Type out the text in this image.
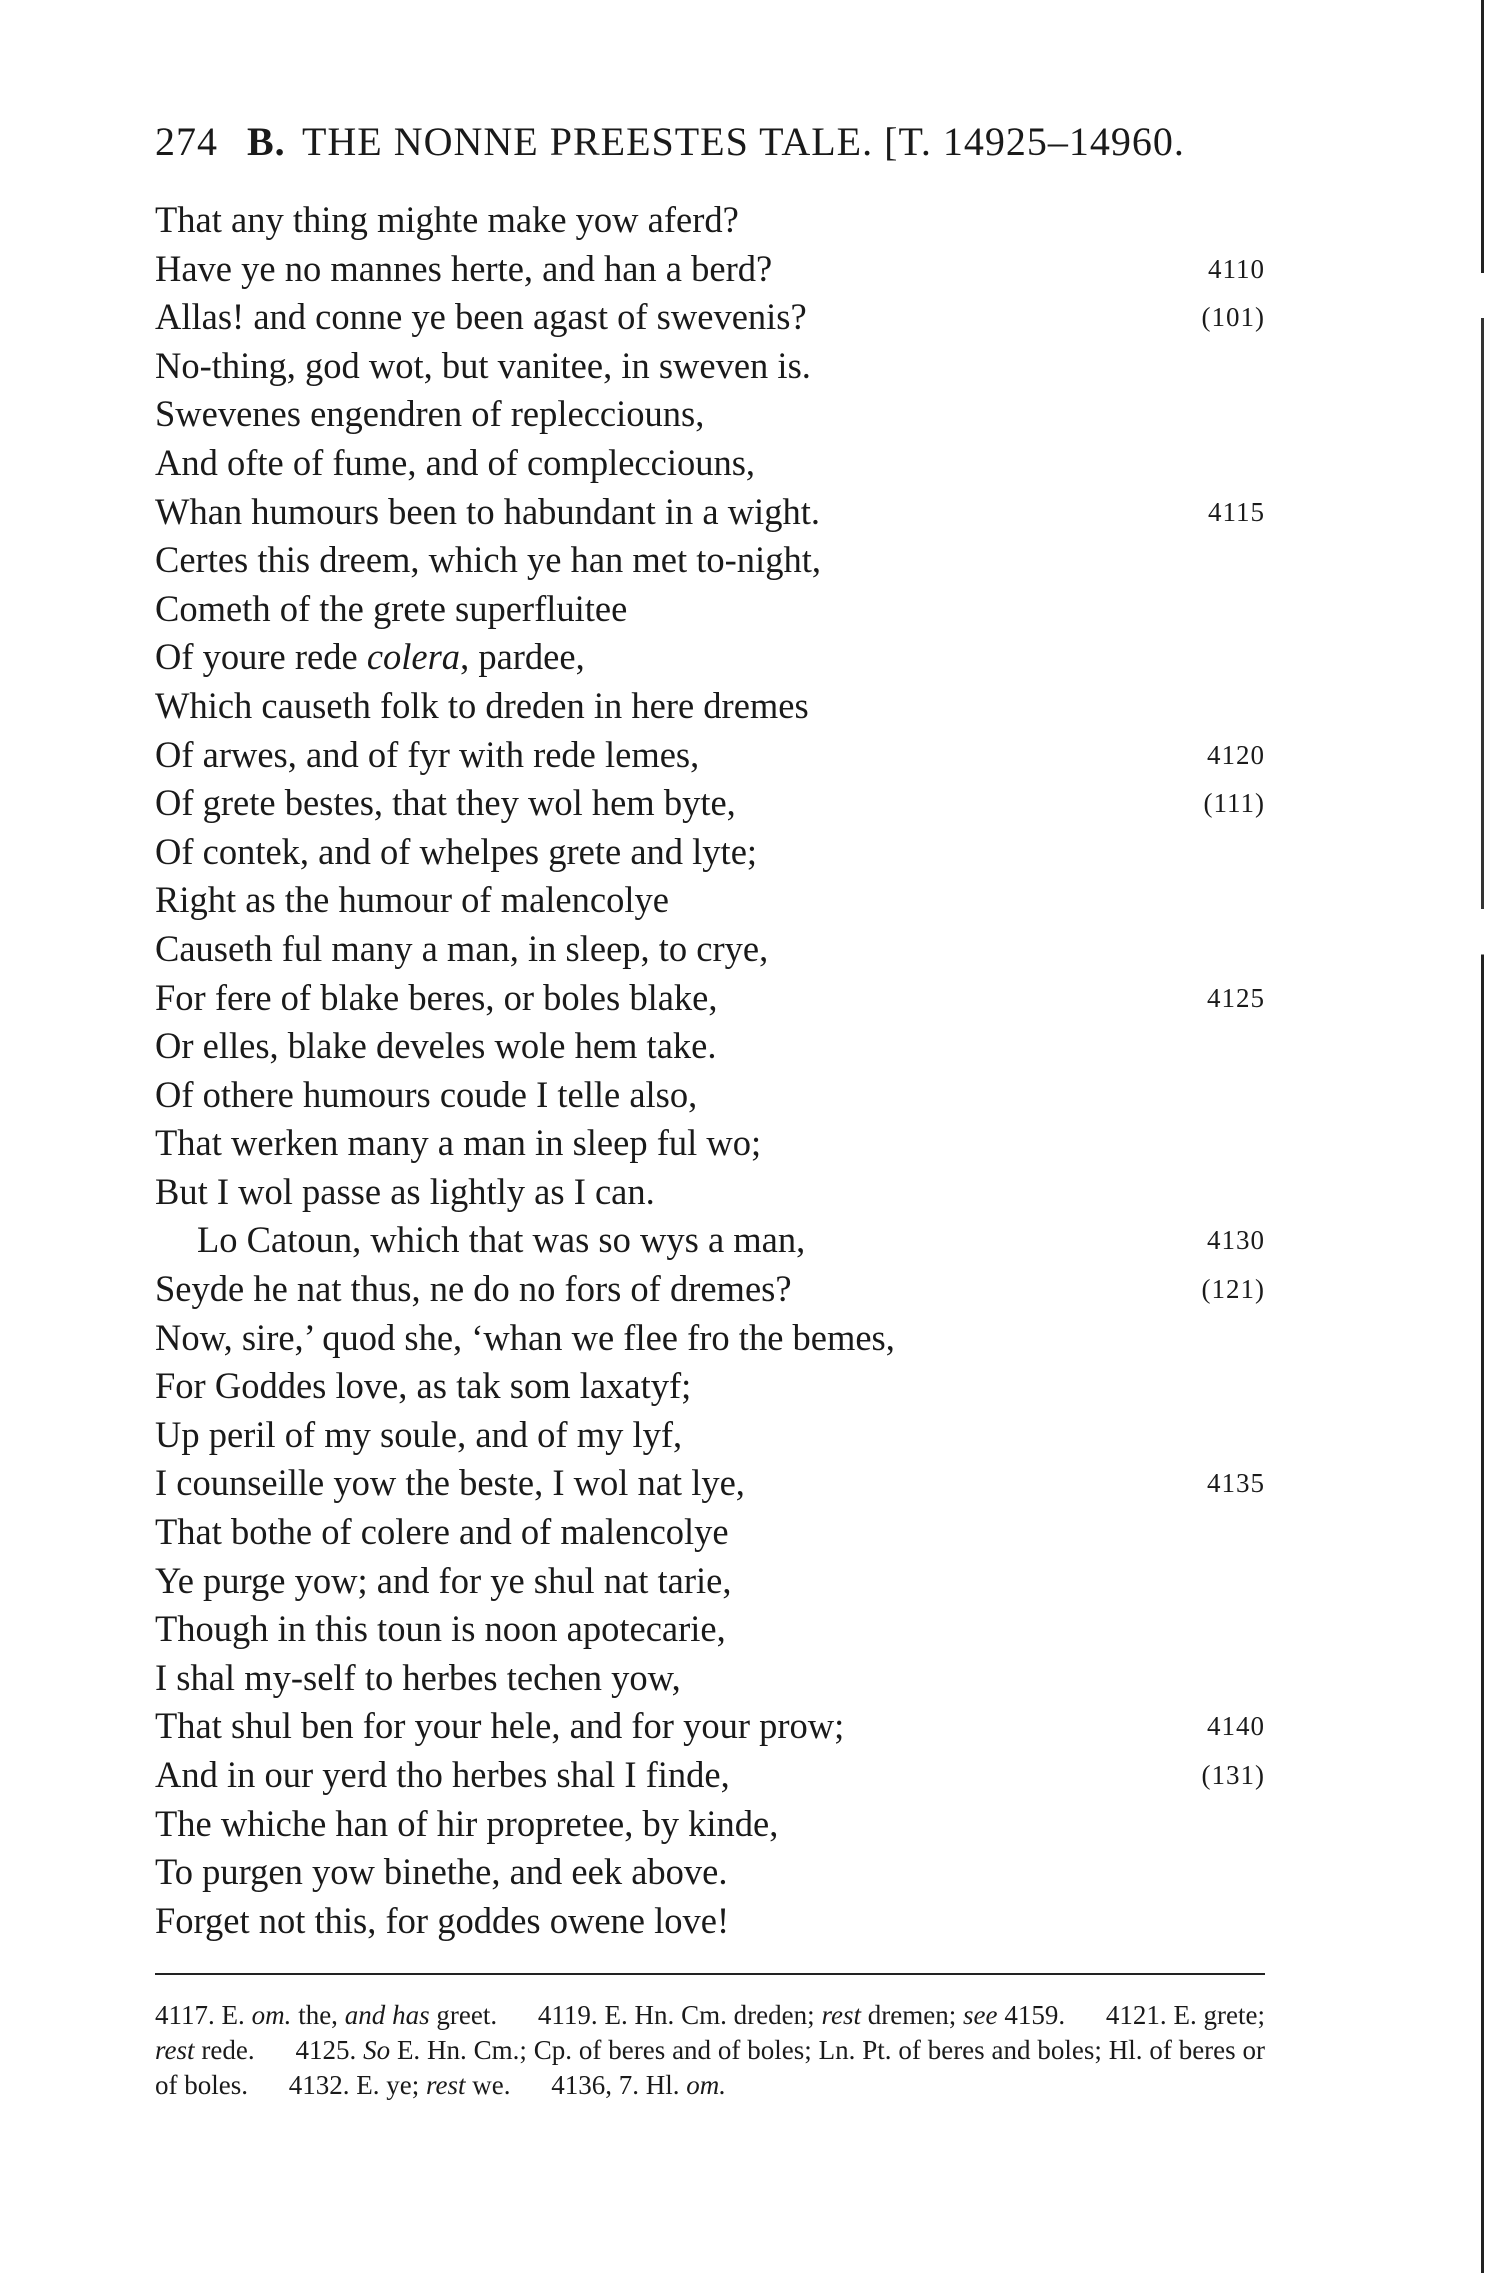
274 B. THE NONNE PREESTES TALE. [T. 14925–14960.
That any thing mighte make yow aferd?
Have ye no mannes herte, and han a berd?	4110
Allas! and conne ye been agast of swevenis?	(101)
No-thing, god wot, but vanitee, in sweven is.
Swevenes engendren of replecciouns,
And ofte of fume, and of complecciouns,
Whan humours been to habundant in a wight.	4115
Certes this dreem, which ye han met to-night,
Cometh of the grete superfluitee
Of youre rede colera, pardee,
Which causeth folk to dreden in here dremes
Of arwes, and of fyr with rede lemes,	4120
Of grete bestes, that they wol hem byte,	(111)
Of contek, and of whelpes grete and lyte;
Right as the humour of malencolye
Causeth ful many a man, in sleep, to crye,
For fere of blake beres, or boles blake,	4125
Or elles, blake develes wole hem take.
Of othere humours coude I telle also,
That werken many a man in sleep ful wo;
But I wol passe as lightly as I can.
Lo Catoun, which that was so wys a man,	4130
Seyde he nat thus, ne do no fors of dremes?	(121)
Now, sire,’ quod she, ‘whan we flee fro the bemes,
For Goddes love, as tak som laxatyf;
Up peril of my soule, and of my lyf,
I counseille yow the beste, I wol nat lye,	4135
That bothe of colere and of malencolye
Ye purge yow; and for ye shul nat tarie,
Though in this toun is noon apotecarie,
I shal my-self to herbes techen yow,
That shul ben for your hele, and for your prow;	4140
And in our yerd tho herbes shal I finde,	(131)
The whiche han of hir propretee, by kinde,
To purgen yow binethe, and eek above.
Forget not this, for goddes owene love!
4117. E. om. the, and has greet. 4119. E. Hn. Cm. dreden; rest dremen; see 4159. 4121. E. grete; rest rede. 4125. So E. Hn. Cm.; Cp. of beres and of boles; Ln. Pt. of beres and boles; Hl. of beres or of boles. 4132. E. ye; rest we. 4136, 7. Hl. om.
